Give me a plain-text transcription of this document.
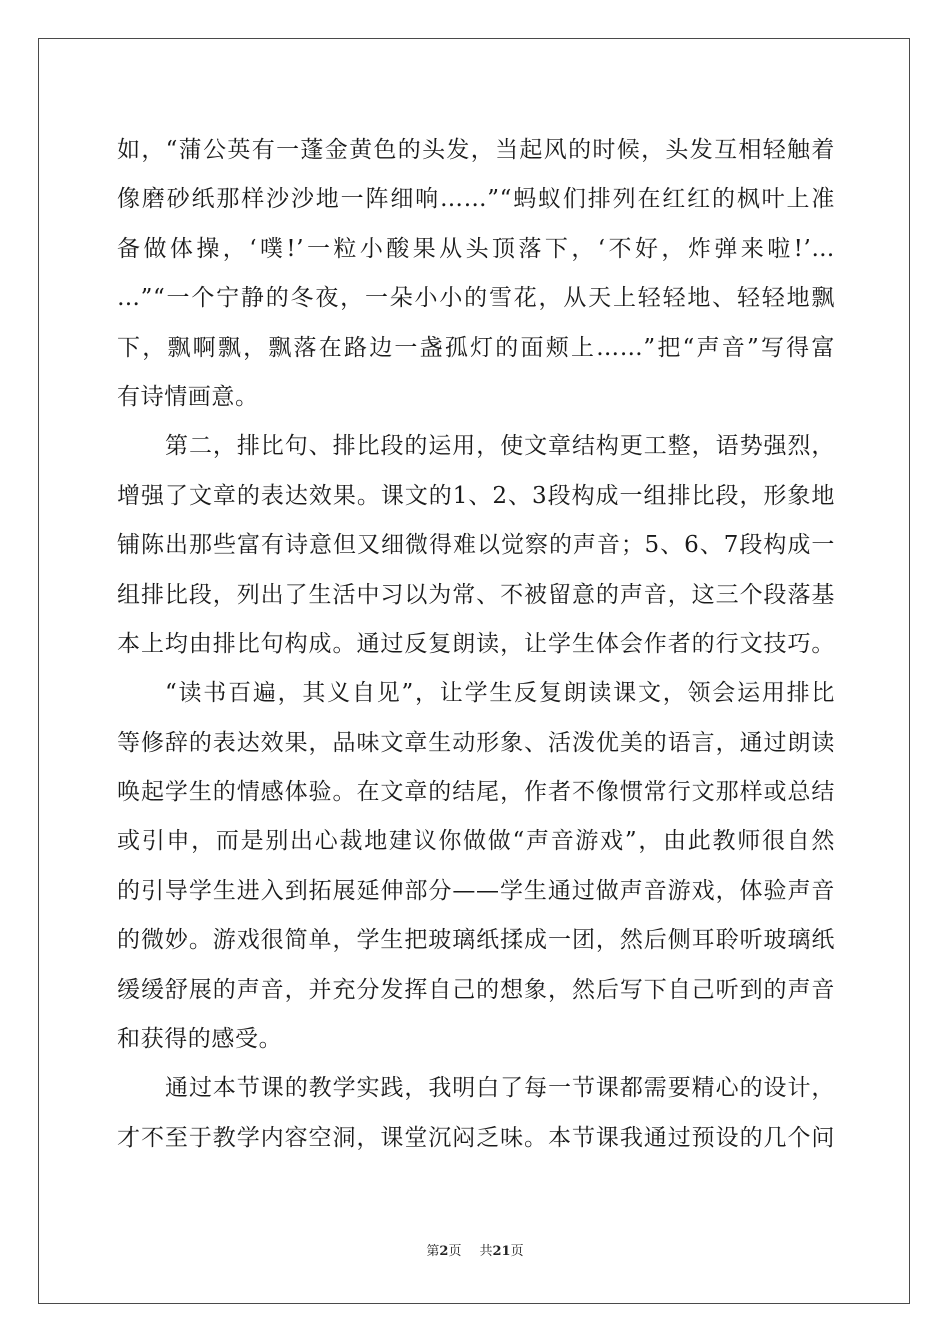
如，“蒲公英有一蓬金黄色的头发，当起风的时候，头发互相轻触着
像磨砂纸那样沙沙地一阵细响……”“蚂蚁们排列在红红的枫叶上准
备做体操，‘噗!’一粒小酸果从头顶落下，‘不好，炸弹来啦!’…
…”“一个宁静的冬夜，一朵小小的雪花，从天上轻轻地、轻轻地飘
下，飘啊飘，飘落在路边一盏孤灯的面颊上……”把“声音”写得富
有诗情画意。
第二，排比句、排比段的运用，使文章结构更工整，语势强烈，
增强了文章的表达效果。课文的1、2、3段构成一组排比段，形象地
铺陈出那些富有诗意但又细微得难以觉察的声音；5、6、7段构成一
组排比段，列出了生活中习以为常、不被留意的声音，这三个段落基
本上均由排比句构成。通过反复朗读，让学生体会作者的行文技巧。
“读书百遍，其义自见”，让学生反复朗读课文，领会运用排比
等修辞的表达效果，品味文章生动形象、活泼优美的语言，通过朗读
唤起学生的情感体验。在文章的结尾，作者不像惯常行文那样或总结
或引申，而是别出心裁地建议你做做“声音游戏”，由此教师很自然
的引导学生进入到拓展延伸部分——学生通过做声音游戏，体验声音
的微妙。游戏很简单，学生把玻璃纸揉成一团，然后侧耳聆听玻璃纸
缓缓舒展的声音，并充分发挥自己的想象，然后写下自己听到的声音
和获得的感受。
通过本节课的教学实践，我明白了每一节课都需要精心的设计，
才不至于教学内容空洞，课堂沉闷乏味。本节课我通过预设的几个问
第2页 共21页
